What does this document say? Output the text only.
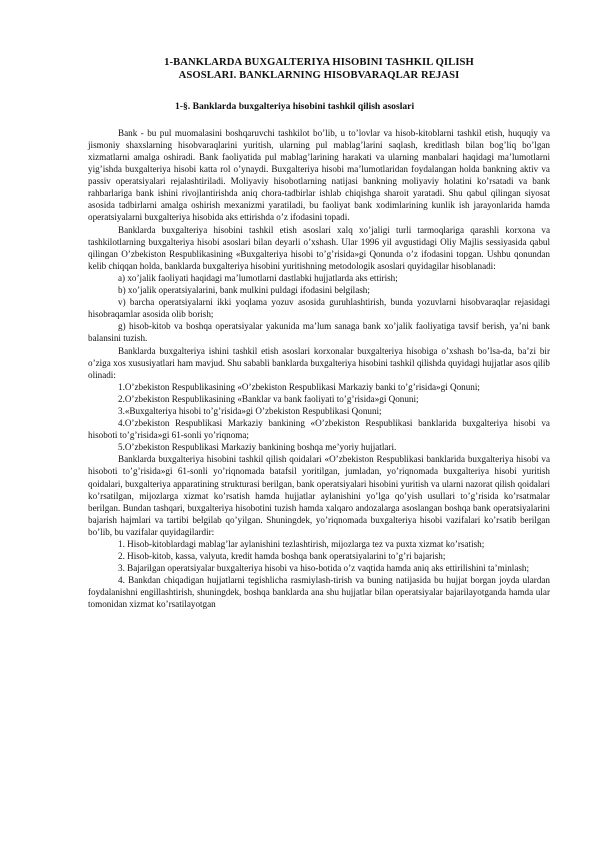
1-BANKLARDA BUXGALTERIYA HISOBINI TASHKIL QILISH
ASOSLARI. BANKLARNING HISOBVARAQLAR REJASI
1-§. Banklarda buxgalteriya hisobini tashkil qilish asoslari

Bank - bu pul muomalasini boshqaruvchi tashkilot bo’lib, u to’lovlar va hisob-kitoblarni tashkil etish, huquqiy va jismoniy shaxslarning hisobvaraqlarini yuritish, ularning pul mablag’larini saqlash, kreditlash bilan bog’liq bo’lgan xizmatlarni amalga oshiradi. Bank faoliyatida pul mablag’larining harakati va ularning manbalari haqidagi ma’lumotlarni yig’ishda buxgalteriya hisobi katta rol o’ynaydi. Buxgalteriya hisobi ma’lumotlaridan foydalangan holda bankning aktiv va passiv operatsiyalari rejalashtiriladi. Moliyaviy hisobotlarning natijasi bankning moliyaviy holatini ko’rsatadi va bank rahbarlariga bank ishini rivojlantirishda aniq chora-tadbirlar ishlab chiqishga sharoit yaratadi. Shu qabul qilingan siyosat asosida tadbirlarni amalga oshirish mexanizmi yaratiladi, bu faoliyat bank xodimlarining kunlik ish jarayonlarida hamda operatsiyalarni buxgalteriya hisobida aks ettirishda o’z ifodasini topadi.

Banklarda buxgalteriya hisobini tashkil etish asoslari xalq xo’jaligi turli tarmoqlariga qarashli korxona va tashkilotlarning buxgalteriya hisobi asoslari bilan deyarli o’xshash. Ular 1996 yil avgustidagi Oliy Majlis sessiyasida qabul qilingan O’zbekiston Respublikasining «Buxgalteriya hisobi to’g’risida»gi Qonunda o’z ifodasini topgan. Ushbu qonundan kelib chiqqan holda, banklarda buxgalteriya hisobini yuritishning metodologik asoslari quyidagilar hisoblanadi:

a) xo’jalik faoliyati haqidagi ma’lumotlarni dastlabki hujjatlarda aks ettirish;

b) xo’jalik operatsiyalarini, bank mulkini puldagi ifodasini belgilash;

v) barcha operatsiyalarni ikki yoqlama yozuv asosida guruhlashtirish, bunda yozuvlarni hisobvaraqlar rejasidagi hisobraqamlar asosida olib borish;

g) hisob-kitob va boshqa operatsiyalar yakunida ma’lum sanaga bank xo’jalik faoliyatiga tavsif berish, ya’ni bank balansini tuzish.

Banklarda buxgalteriya ishini tashkil etish asoslari korxonalar buxgalteriya hisobiga o’xshash bo’lsa-da, ba’zi bir o’ziga xos xususiyatlari ham mavjud. Shu sababli banklarda buxgalteriya hisobini tashkil qilishda quyidagi hujjatlar asos qilib olinadi:

1.O’zbekiston Respublikasining «O’zbekiston Respublikasi Markaziy banki to’g’risida»gi Qonuni;

2.O’zbekiston Respublikasining «Banklar va bank faoliyati to’g’risida»gi Qonuni;

3.«Buxgalteriya hisobi to’g’risida»gi O’zbekiston Respublikasi Qonuni;

4.O’zbekiston Respublikasi Markaziy bankining «O’zbekiston Respublikasi banklarida buxgalteriya hisobi va hisoboti to’g’risida»gi 61-sonli yo’riqnoma;

5.O’zbekiston Respublikasi Markaziy bankining boshqa me’yoriy hujjatlari.

Banklarda buxgalteriya hisobini tashkil qilish qoidalari «O’zbekiston Respublikasi banklarida buxgalteriya hisobi va hisoboti to’g’risida»gi 61-sonli yo’riqnomada batafsil yoritilgan, jumladan, yo’riqnomada buxgalteriya hisobi yuritish qoidalari, buxgalteriya apparatining strukturasi berilgan, bank operatsiyalari hisobini yuritish va ularni nazorat qilish qoidalari ko’rsatilgan, mijozlarga xizmat ko’rsatish hamda hujjatlar aylanishini yo’lga qo’yish usullari to’g’risida ko’rsatmalar berilgan. Bundan tashqari, buxgalteriya hisobotini tuzish hamda xalqaro andozalarga asoslangan boshqa bank operatsiyalarini bajarish hajmlari va tartibi belgilab qo’yilgan. Shuningdek, yo’riqnomada buxgalteriya hisobi vazifalari ko’rsatib berilgan bo’lib, bu vazifalar quyidagilardir:

1. Hisob-kitoblardagi mablag’lar aylanishini tezlashtirish, mijozlarga tez va puxta xizmat ko’rsatish;

2. Hisob-kitob, kassa, valyuta, kredit hamda boshqa bank operatsiyalarini to’g’ri bajarish;

3. Bajarilgan operatsiyalar buxgalteriya hisobi va hiso-botida o’z vaqtida hamda aniq aks ettirilishini ta’minlash;

4. Bankdan chiqadigan hujjatlarni tegishlicha rasmiylash-tirish va buning natijasida bu hujjat borgan joyda ulardan foydalanishni engillashtirish, shuningdek, boshqa banklarda ana shu hujjatlar bilan operatsiyalar bajarilayotganda hamda ular tomonidan xizmat ko’rsatilayotgan
